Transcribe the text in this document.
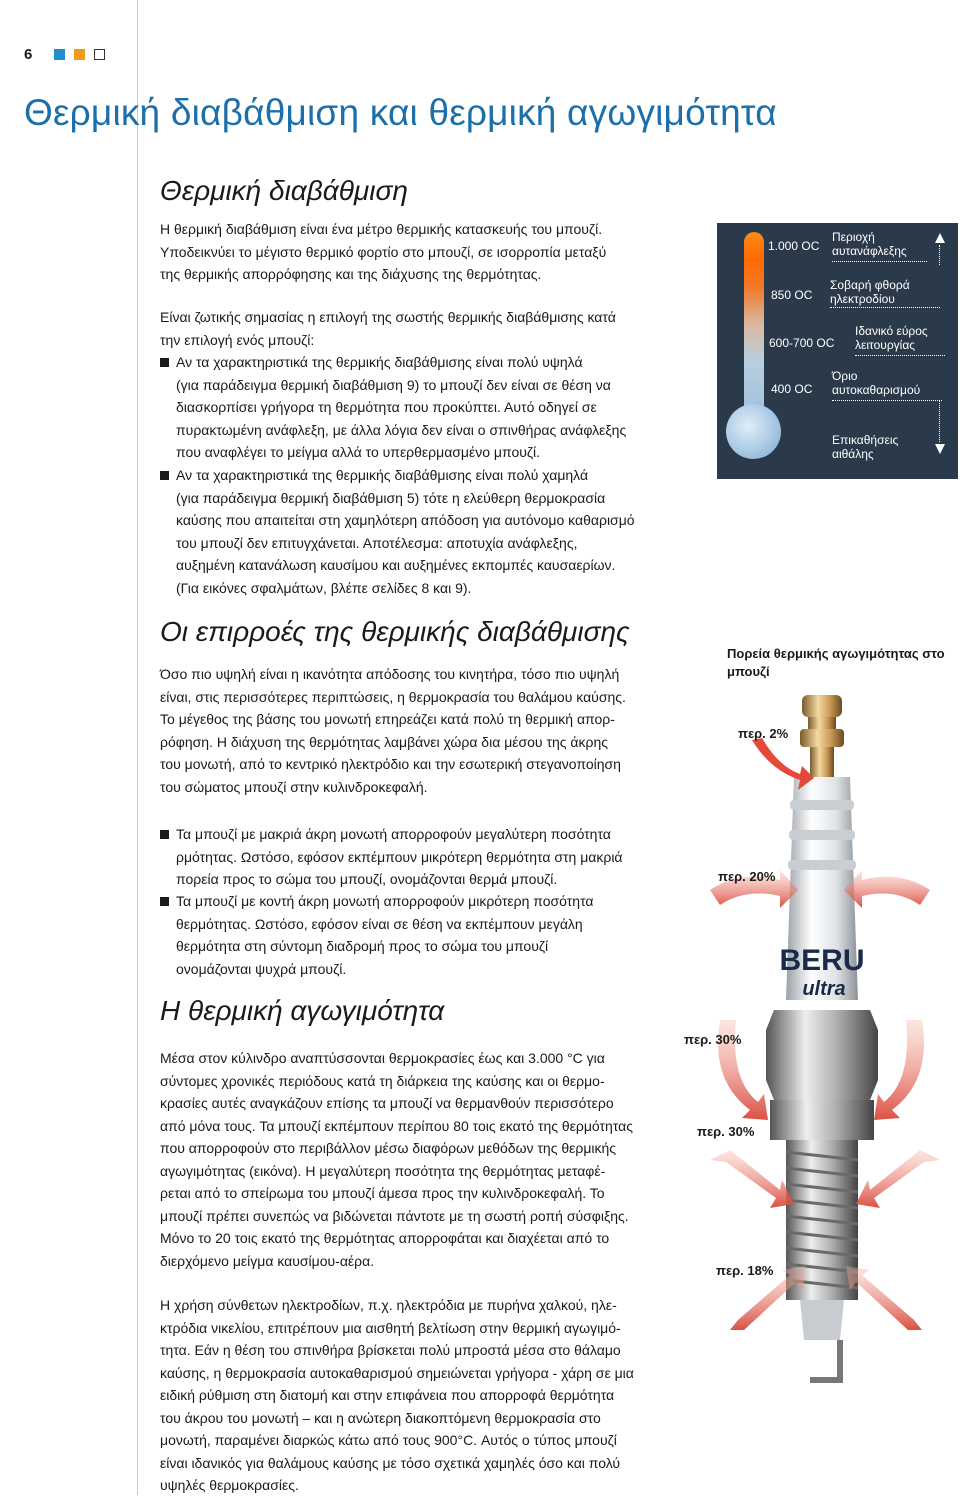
6
Θερμική διαβάθμιση και θερμική αγωγιμότητα
Θερμική διαβάθμιση
Η θερμική διαβάθμιση είναι ένα μέτρο θερμικής κατασκευής του μπουζί.
Υποδεικνύει το μέγιστο θερμικό φορτίο στο μπουζί, σε ισορροπία μεταξύ
της θερμικής απορρόφησης και της διάχυσης της θερμότητας.
Είναι ζωτικής σημασίας η επιλογή της σωστής θερμικής διαβάθμισης κατά
την επιλογή ενός μπουζί:
Αν τα χαρακτηριστικά της θερμικής διαβάθμισης είναι πολύ υψηλά
(για παράδειγμα θερμική διαβάθμιση 9) το μπουζί δεν είναι σε θέση να
διασκορπίσει γρήγορα τη θερμότητα που προκύπτει. Αυτό οδηγεί σε
πυρακτωμένη ανάφλεξη, με άλλα λόγια δεν είναι ο σπινθήρας ανάφλεξης
που αναφλέγει το μείγμα αλλά το υπερθερμασμένο μπουζί.
Αν τα χαρακτηριστικά της θερμικής διαβάθμισης είναι πολύ χαμηλά
(για παράδειγμα θερμική διαβάθμιση 5) τότε η ελεύθερη θερμοκρασία
καύσης που απαιτείται στη χαμηλότερη απόδοση για αυτόνομο καθαρισμό
του μπουζί δεν επιτυγχάνεται. Αποτέλεσμα: αποτυχία ανάφλεξης,
αυξημένη κατανάλωση καυσίμου και αυξημένες εκπομπές καυσαερίων.
(Για εικόνες σφαλμάτων, βλέπε σελίδες 8 και 9).
1.000 OC
850 OC
600-700 OC
400 OC
Περιοχή
αυτανάφλεξης
Σοβαρή φθορά
ηλεκτροδίου
Ιδανικό εύρος
λειτουργίας
Όριο
αυτοκαθαρισμού
Επικαθήσεις
αιθάλης
Οι επιρροές της θερμικής διαβάθμισης
Όσο πιο υψηλή είναι η ικανότητα απόδοσης του κινητήρα, τόσο πιο υψηλή
είναι, στις περισσότερες περιπτώσεις, η θερμοκρασία του θαλάμου καύσης.
Το μέγεθος της βάσης του μονωτή επηρεάζει κατά πολύ τη θερμική απορ-
ρόφηση. Η διάχυση της θερμότητας λαμβάνει χώρα δια μέσου της άκρης
του μονωτή, από το κεντρικό ηλεκτρόδιο και την εσωτερική στεγανοποίηση
του σώματος μπουζί στην κυλινδροκεφαλή.
Τα μπουζί με μακριά άκρη μονωτή απορροφούν μεγαλύτερη ποσότητα
ρμότητας. Ωστόσο, εφόσον εκπέμπουν μικρότερη θερμότητα στη μακριά
πορεία προς το σώμα του μπουζί, ονομάζονται θερμά μπουζί.
Τα μπουζί με κοντή άκρη μονωτή απορροφούν μικρότερη ποσότητα
θερμότητας. Ωστόσο, εφόσον είναι σε θέση να εκπέμπουν μεγάλη
θερμότητα στη σύντομη διαδρομή προς το σώμα του μπουζί
ονομάζονται ψυχρά μπουζί.
Η θερμική αγωγιμότητα
Μέσα στον κύλινδρο αναπτύσσονται θερμοκρασίες έως και 3.000 °C για
σύντομες χρονικές περιόδους κατά τη διάρκεια της καύσης και οι θερμο-
κρασίες αυτές αναγκάζουν επίσης τα μπουζί να θερμανθούν περισσότερο
από μόνα τους. Τα μπουζί εκπέμπουν περίπου 80 τοις εκατό της θερμότητας
που απορροφούν στο περιβάλλον μέσω διαφόρων μεθόδων της θερμικής
αγωγιμότητας (εικόνα). Η μεγαλύτερη ποσότητα της θερμότητας μεταφέ-
ρεται από το σπείρωμα του μπουζί άμεσα προς την κυλινδροκεφαλή. Το
μπουζί πρέπει συνεπώς να βιδώνεται πάντοτε με τη σωστή ροπή σύσφιξης.
Μόνο το 20 τοις εκατό της θερμότητας απορροφάται και διαχέεται από το
διερχόμενο μείγμα καυσίμου-αέρα.
Η χρήση σύνθετων ηλεκτροδίων, π.χ. ηλεκτρόδια με πυρήνα χαλκού, ηλε-
κτρόδια νικελίου, επιτρέπουν μια αισθητή βελτίωση στην θερμική αγωγιμό-
τητα. Εάν η θέση του σπινθήρα βρίσκεται πολύ μπροστά μέσα στο θάλαμο
καύσης, η θερμοκρασία αυτοκαθαρισμού σημειώνεται γρήγορα - χάρη σε μια
ειδική ρύθμιση στη διατομή και στην επιφάνεια που απορροφά θερμότητα
του άκρου του μονωτή – και η ανώτερη διακοπτόμενη θερμοκρασία στο
μονωτή, παραμένει διαρκώς κάτω από τους 900°C. Αυτός ο τύπος μπουζί
είναι ιδανικός για θαλάμους καύσης με τόσο σχετικά χαμηλές όσο και πολύ
υψηλές θερμοκρασίες.
Πορεία θερμικής αγωγιμότητας στο
μπουζί
BERU
ultra
περ. 2%
περ. 20%
περ. 30%
περ. 30%
περ. 18%
